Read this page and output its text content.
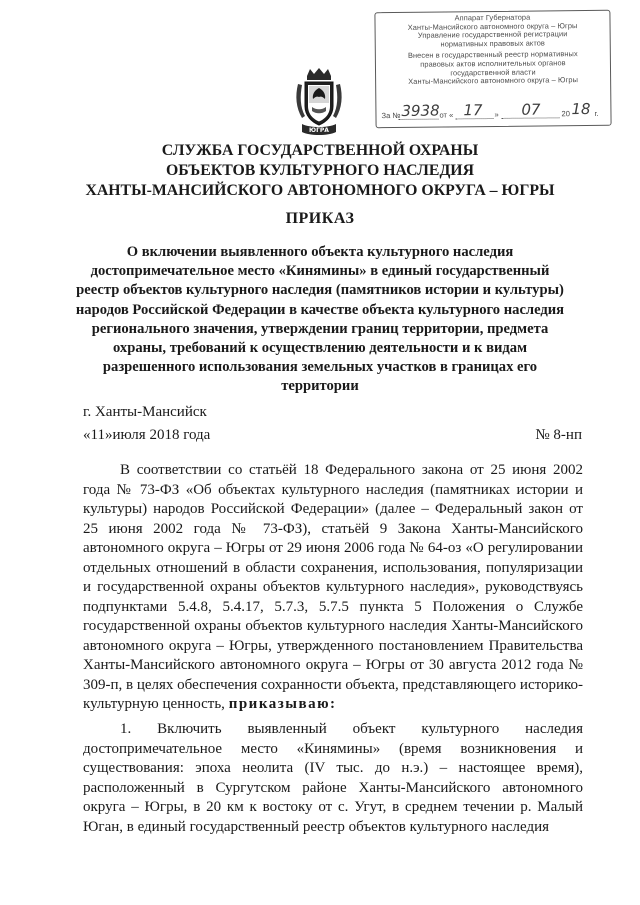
Аппарат Губернатора
Ханты-Мансийского автономного округа – Югры
Управление государственной регистрации
нормативных правовых актов
Внесен в государственный реестр нормативных
правовых актов исполнительных органов
государственной власти
Ханты-Мансийского автономного округа – Югры
За № 3938 от « 17 » 07	20 18 г.
ЮГРА
СЛУЖБА ГОСУДАРСТВЕННОЙ ОХРАНЫ
ОБЪЕКТОВ КУЛЬТУРНОГО НАСЛЕДИЯ
ХАНТЫ-МАНСИЙСКОГО АВТОНОМНОГО ОКРУГА – ЮГРЫ
ПРИКАЗ
О включении выявленного объекта культурного наследия достопримечательное место «Кинямины» в единый государственный реестр объектов культурного наследия (памятников истории и культуры) народов Российской Федерации в качестве объекта культурного наследия регионального значения, утверждении границ территории, предмета охраны, требований к осуществлению деятельности и к видам разрешенного использования земельных участков в границах его территории
г. Ханты-Мансийск
«11»июля 2018 года	№ 8-нп

В соответствии со статьёй 18 Федерального закона от 25 июня 2002 года № 73-ФЗ «Об объектах культурного наследия (памятниках истории и культуры) народов Российской Федерации» (далее – Федеральный закон от 25 июня 2002 года № 73-ФЗ), статьёй 9 Закона Ханты-Мансийского автономного округа – Югры от 29 июня 2006 года № 64-оз «О регулировании отдельных отношений в области сохранения, использования, популяризации и государственной охраны объектов культурного наследия», руководствуясь подпунктами 5.4.8, 5.4.17, 5.7.3, 5.7.5 пункта 5 Положения о Службе государственной охраны объектов культурного наследия Ханты-Мансийского автономного округа – Югры, утвержденного постановлением Правительства Ханты-Мансийского автономного округа – Югры от 30 августа 2012 года № 309-п, в целях обеспечения сохранности объекта, представляющего историко-культурную ценность, приказываю:

1. Включить выявленный объект культурного наследия достопримечательное место «Кинямины» (время возникновения и существования: эпоха неолита (IV тыс. до н.э.) – настоящее время), расположенный в Сургутском районе Ханты-Мансийского автономного округа – Югры, в 20 км к востоку от с. Угут, в среднем течении р. Малый Юган, в единый государственный реестр объектов культурного наследия
